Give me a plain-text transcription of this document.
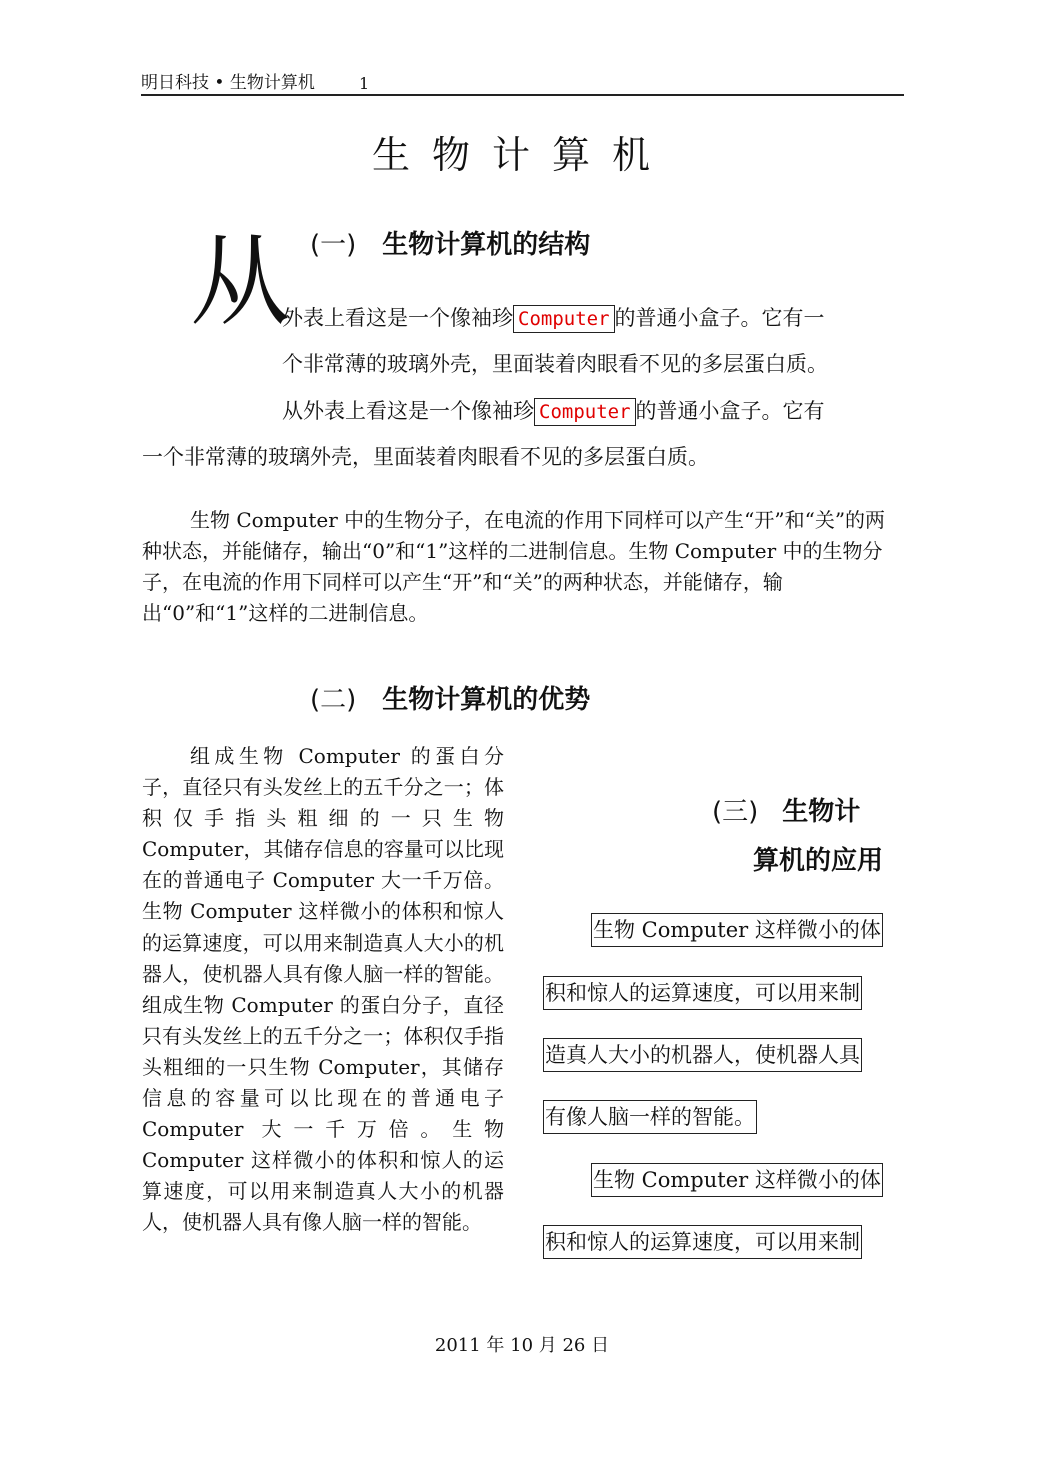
明日科技 • 生物计算机	1
生物计算机
(一) 生物计算机的结构
从
外表上看这是一个像袖珍 Computer 的普通小盒子。它有一
个非常薄的玻璃外壳，里面装着肉眼看不见的多层蛋白质。
从外表上看这是一个像袖珍 Computer 的普通小盒子。它有
一个非常薄的玻璃外壳，里面装着肉眼看不见的多层蛋白质。
生物 Computer 中的生物分子，在电流的作用下同样可以产生“开”和“关”的两种状态，并能储存，输出“0”和“1”这样的二进制信息。生物 Computer 中的生物分子，在电流的作用下同样可以产生“开”和“关”的两种状态，并能储存，输出“0”和“1”这样的二进制信息。
(二) 生物计算机的优势
组成生物 Computer 的蛋白分子，直径只有头发丝上的五千分之一；体积仅手指头粗细的一只生物 Computer，其储存信息的容量可以比现在的普通电子 Computer 大一千万倍。生物 Computer 这样微小的体积和惊人的运算速度，可以用来制造真人大小的机器人，使机器人具有像人脑一样的智能。组成生物 Computer 的蛋白分子，直径只有头发丝上的五千分之一；体积仅手指头粗细的一只生物 Computer，其储存信息的容量可以比现在的普通电子 Computer 大一千万倍。生物 Computer 这样微小的体积和惊人的运算速度，可以用来制造真人大小的机器人，使机器人具有像人脑一样的智能。
(三) 生物计
算机的应用
生物 Computer 这样微小的体
积和惊人的运算速度，可以用来制
造真人大小的机器人，使机器人具
有像人脑一样的智能。
生物 Computer 这样微小的体
积和惊人的运算速度，可以用来制
2011 年 10 月 26 日
